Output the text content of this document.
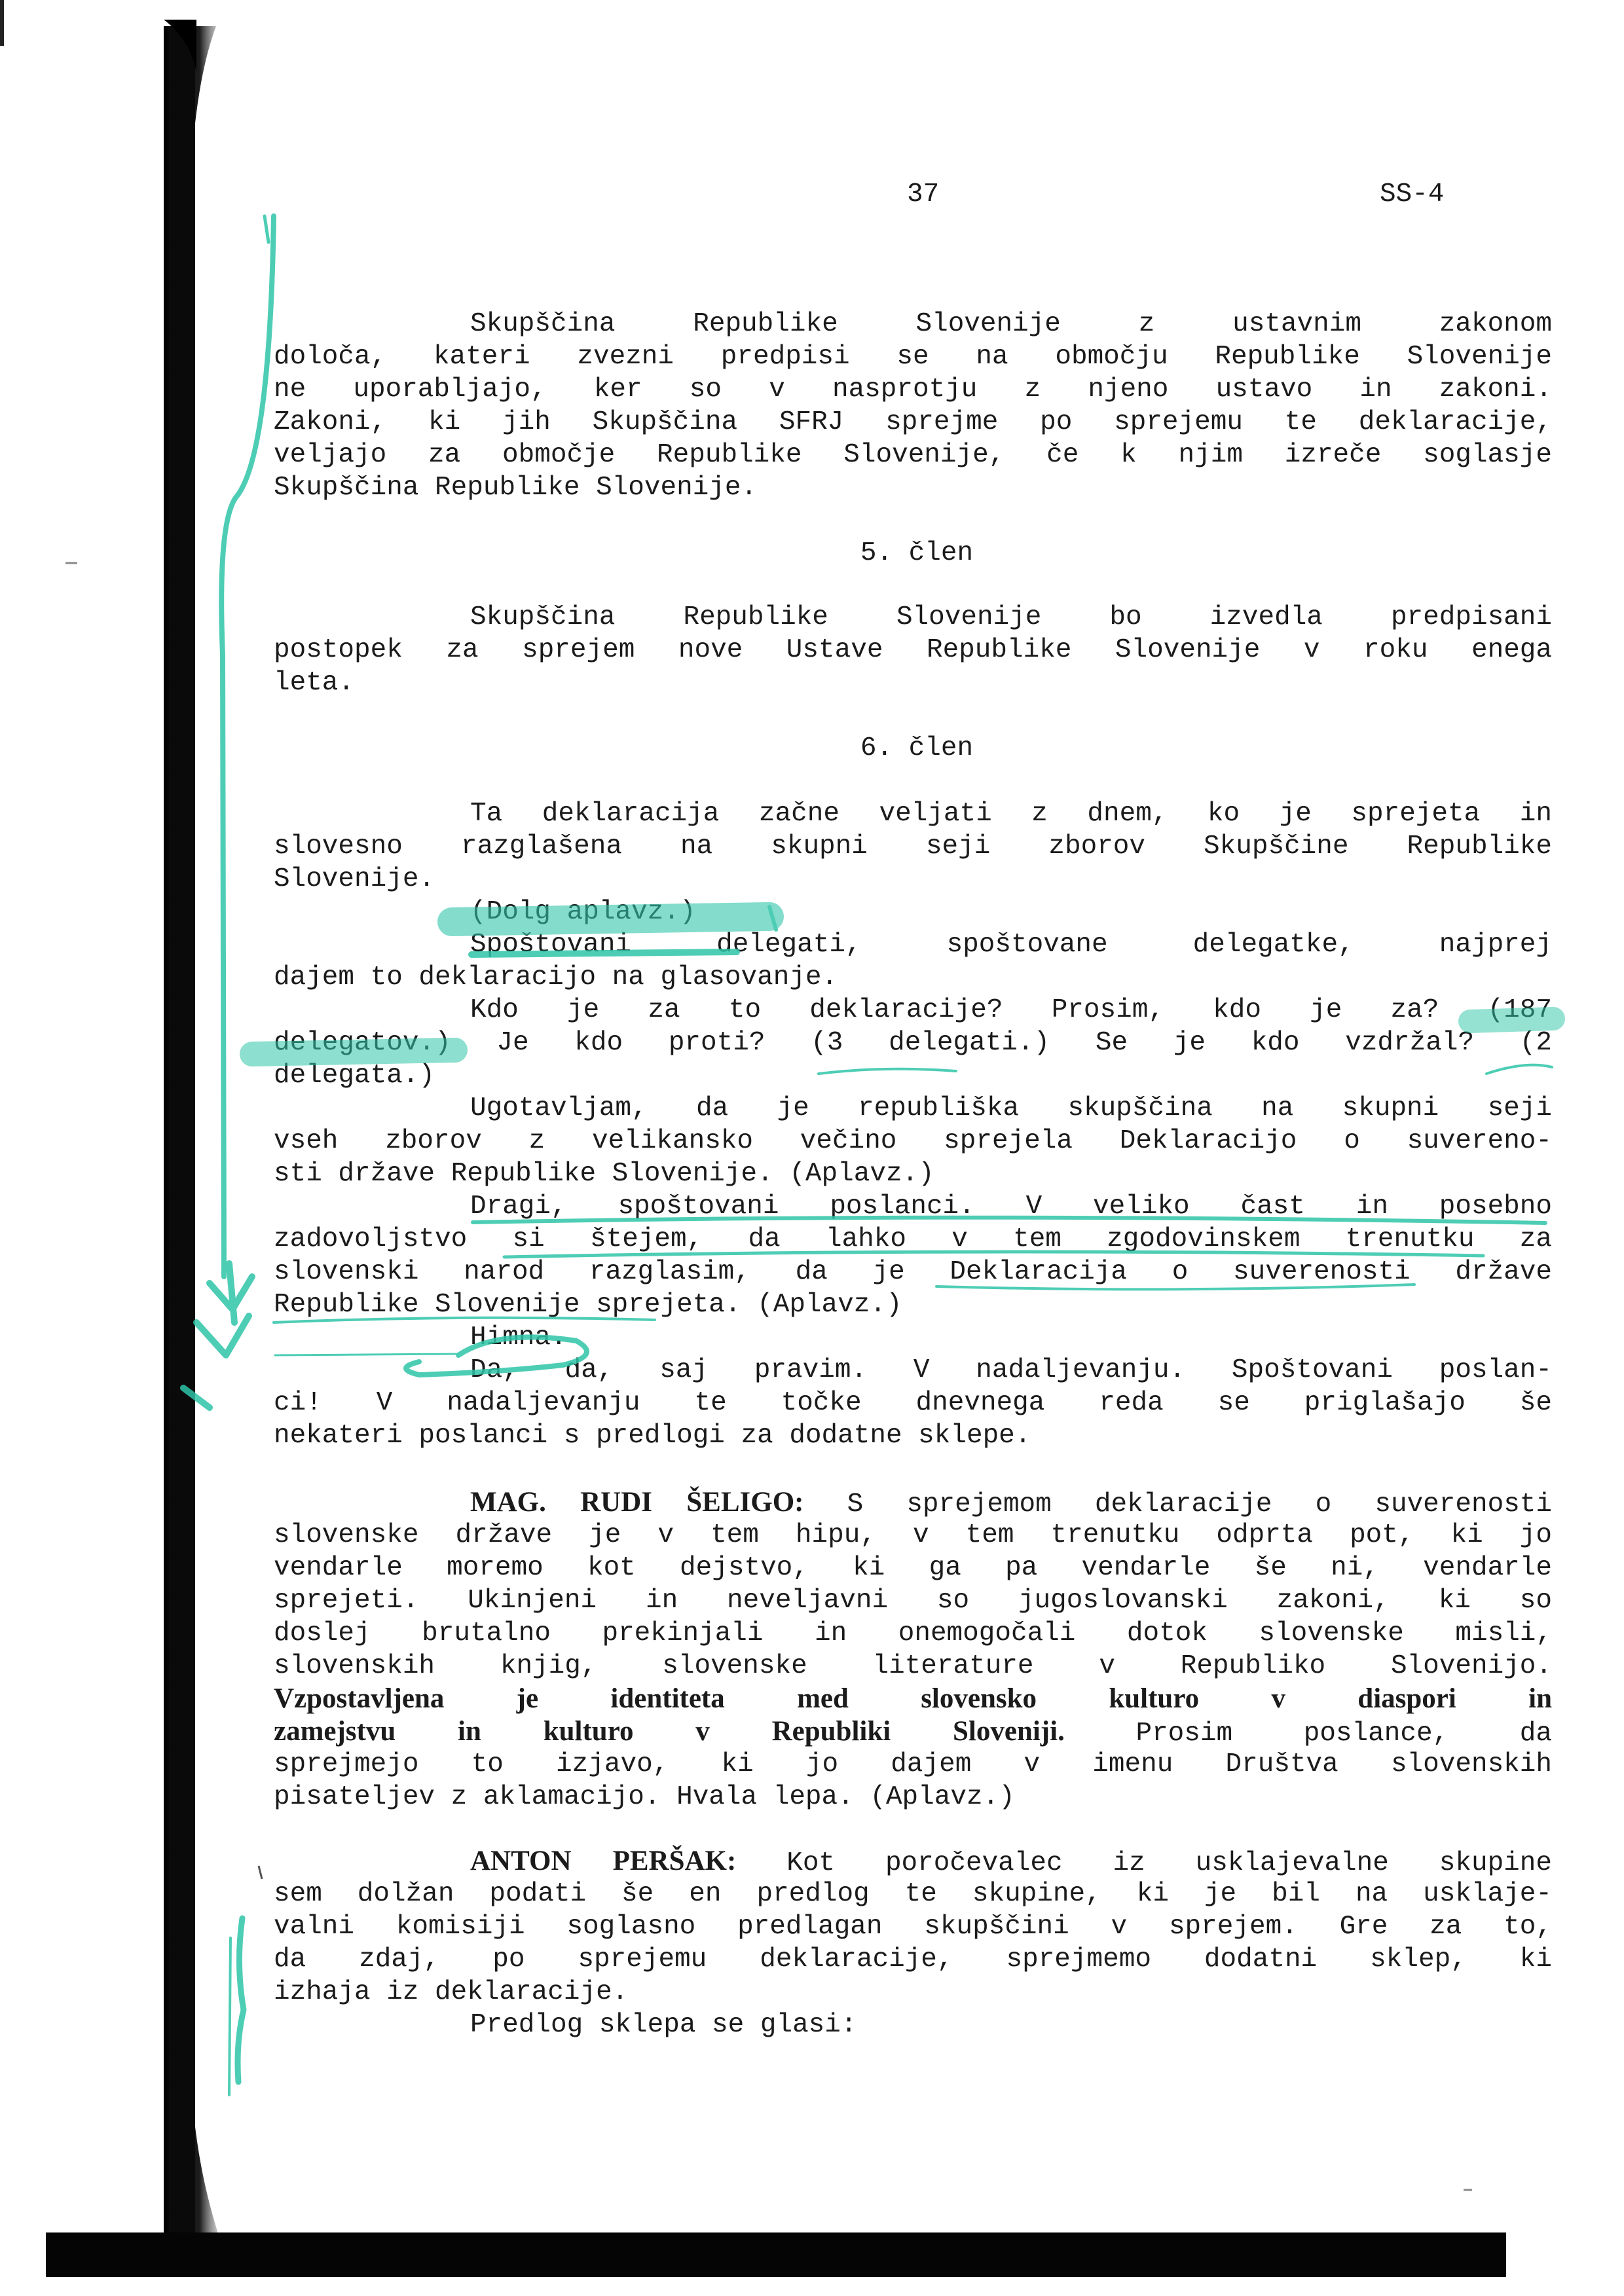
37	SS-4
Skupščina Republike Slovenije z ustavnim zakonom
določa, kateri zvezni predpisi se na območju Republike Slovenije
ne uporabljajo, ker so v nasprotju z njeno ustavo in zakoni.
Zakoni, ki jih Skupščina SFRJ sprejme po sprejemu te deklaracije,
veljajo za območje Republike Slovenije, če k njim izreče soglasje
Skupščina Republike Slovenije.
5. člen
Skupščina Republike Slovenije bo izvedla predpisani
postopek za sprejem nove Ustave Republike Slovenije v roku enega
leta.
6. člen
Ta deklaracija začne veljati z dnem, ko je sprejeta in
slovesno razglašena na skupni seji zborov Skupščine Republike
Slovenije.
(Dolg aplavz.)
Spoštovani delegati, spoštovane delegatke, najprej
dajem to deklaracijo na glasovanje.
Kdo je za to deklaracije? Prosim, kdo je za? (187
delegatov.) Je kdo proti? (3 delegati.) Se je kdo vzdržal? (2
delegata.)
Ugotavljam, da je republiška skupščina na skupni seji
vseh zborov z velikansko večino sprejela Deklaracijo o suvereno-
sti države Republike Slovenije. (Aplavz.)
Dragi, spoštovani poslanci. V veliko čast in posebno
zadovoljstvo si štejem, da lahko v tem zgodovinskem trenutku za
slovenski narod razglasim, da je Deklaracija o suverenosti države
Republike Slovenije sprejeta. (Aplavz.)
Himna.
Da, da, saj pravim. V nadaljevanju. Spoštovani poslan-
ci! V nadaljevanju te točke dnevnega reda se priglašajo še
nekateri poslanci s predlogi za dodatne sklepe.
MAG. RUDI ŠELIGO: S sprejemom deklaracije o suverenosti
slovenske države je v tem hipu, v tem trenutku odprta pot, ki jo
vendarle moremo kot dejstvo, ki ga pa vendarle še ni, vendarle
sprejeti. Ukinjeni in neveljavni so jugoslovanski zakoni, ki so
doslej brutalno prekinjali in onemogočali dotok slovenske misli,
slovenskih knjig, slovenske literature v Republiko Slovenijo.
Vzpostavljena je identiteta med slovensko kulturo v diaspori in
zamejstvu in kulturo v Republiki Sloveniji. Prosim poslance, da
sprejmejo to izjavo, ki jo dajem v imenu Društva slovenskih
pisateljev z aklamacijo. Hvala lepa. (Aplavz.)
ANTON PERŠAK: Kot poročevalec iz usklajevalne skupine
sem dolžan podati še en predlog te skupine, ki je bil na usklaje-
valni komisiji soglasno predlagan skupščini v sprejem. Gre za to,
da zdaj, po sprejemu deklaracije, sprejmemo dodatni sklep, ki
izhaja iz deklaracije.
Predlog sklepa se glasi:
